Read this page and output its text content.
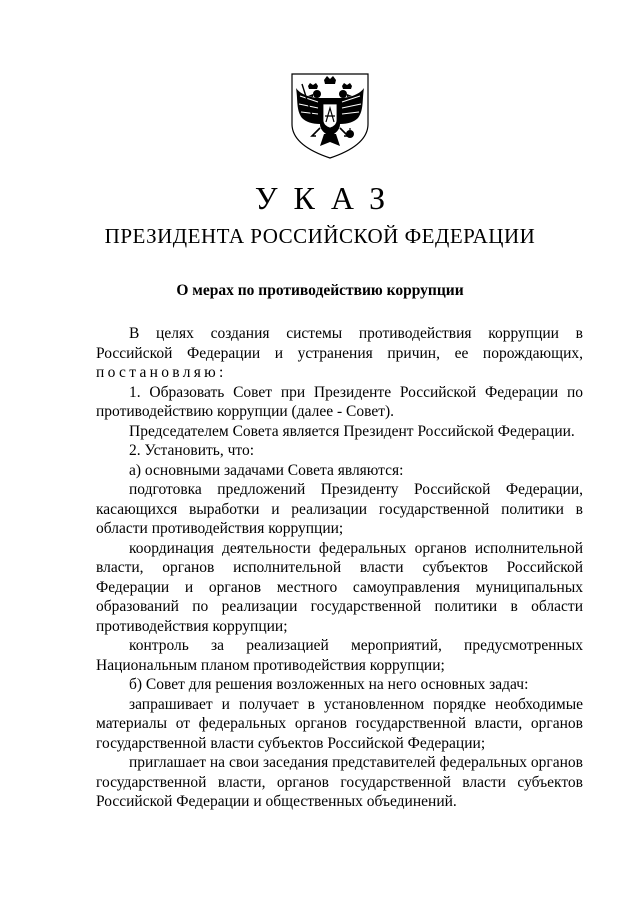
УКАЗ
ПРЕЗИДЕНТА РОССИЙСКОЙ ФЕДЕРАЦИИ
О мерах по противодействию коррупции

В целях создания системы противодействия коррупции в Российской Федерации и устранения причин, ее порождающих,

постановляю:

1. Образовать Совет при Президенте Российской Федерации по противодействию коррупции (далее - Совет).

Председателем Совета является Президент Российской Федерации.

2. Установить, что:

а) основными задачами Совета являются:

подготовка предложений Президенту Российской Федерации, касающихся выработки и реализации государственной политики в области противодействия коррупции;

координация деятельности федеральных органов исполнительной власти, органов исполнительной власти субъектов Российской Федерации и органов местного самоуправления муниципальных образований по реализации государственной политики в области противодействия коррупции;

контроль за реализацией мероприятий, предусмотренных Национальным планом противодействия коррупции;

б) Совет для решения возложенных на него основных задач:

запрашивает и получает в установленном порядке необходимые материалы от федеральных органов государственной власти, органов государственной власти субъектов Российской Федерации;

приглашает на свои заседания представителей федеральных органов государственной власти, органов государственной власти субъектов Российской Федерации и общественных объединений.
